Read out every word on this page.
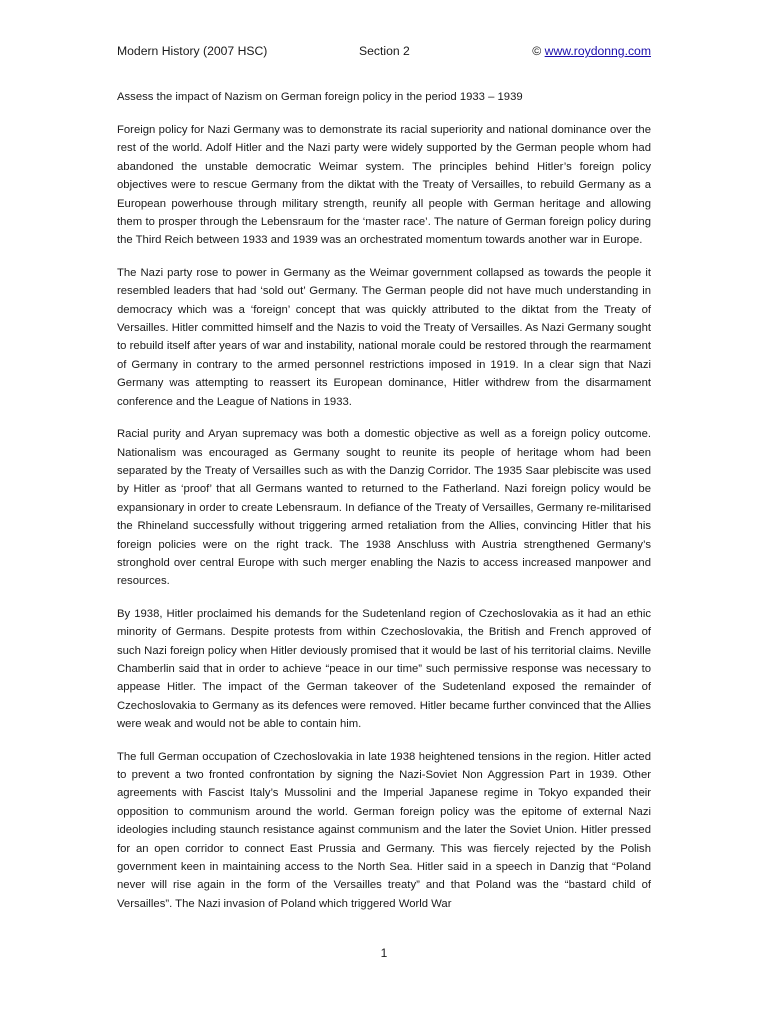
Modern History (2007 HSC)	Section 2	© www.roydonng.com
Assess the impact of Nazism on German foreign policy in the period 1933 – 1939

Foreign policy for Nazi Germany was to demonstrate its racial superiority and national dominance over the rest of the world. Adolf Hitler and the Nazi party were widely supported by the German people whom had abandoned the unstable democratic Weimar system. The principles behind Hitler’s foreign policy objectives were to rescue Germany from the diktat with the Treaty of Versailles, to rebuild Germany as a European powerhouse through military strength, reunify all people with German heritage and allowing them to prosper through the Lebensraum for the ‘master race’. The nature of German foreign policy during the Third Reich between 1933 and 1939 was an orchestrated momentum towards another war in Europe.

The Nazi party rose to power in Germany as the Weimar government collapsed as towards the people it resembled leaders that had ‘sold out’ Germany. The German people did not have much understanding in democracy which was a ‘foreign’ concept that was quickly attributed to the diktat from the Treaty of Versailles. Hitler committed himself and the Nazis to void the Treaty of Versailles. As Nazi Germany sought to rebuild itself after years of war and instability, national morale could be restored through the rearmament of Germany in contrary to the armed personnel restrictions imposed in 1919. In a clear sign that Nazi Germany was attempting to reassert its European dominance, Hitler withdrew from the disarmament conference and the League of Nations in 1933.

Racial purity and Aryan supremacy was both a domestic objective as well as a foreign policy outcome. Nationalism was encouraged as Germany sought to reunite its people of heritage whom had been separated by the Treaty of Versailles such as with the Danzig Corridor. The 1935 Saar plebiscite was used by Hitler as ‘proof’ that all Germans wanted to returned to the Fatherland. Nazi foreign policy would be expansionary in order to create Lebensraum. In defiance of the Treaty of Versailles, Germany re-militarised the Rhineland successfully without triggering armed retaliation from the Allies, convincing Hitler that his foreign policies were on the right track. The 1938 Anschluss with Austria strengthened Germany’s stronghold over central Europe with such merger enabling the Nazis to access increased manpower and resources.

By 1938, Hitler proclaimed his demands for the Sudetenland region of Czechoslovakia as it had an ethic minority of Germans. Despite protests from within Czechoslovakia, the British and French approved of such Nazi foreign policy when Hitler deviously promised that it would be last of his territorial claims. Neville Chamberlin said that in order to achieve “peace in our time” such permissive response was necessary to appease Hitler. The impact of the German takeover of the Sudetenland exposed the remainder of Czechoslovakia to Germany as its defences were removed. Hitler became further convinced that the Allies were weak and would not be able to contain him.

The full German occupation of Czechoslovakia in late 1938 heightened tensions in the region. Hitler acted to prevent a two fronted confrontation by signing the Nazi-Soviet Non Aggression Part in 1939. Other agreements with Fascist Italy’s Mussolini and the Imperial Japanese regime in Tokyo expanded their opposition to communism around the world. German foreign policy was the epitome of external Nazi ideologies including staunch resistance against communism and the later the Soviet Union. Hitler pressed for an open corridor to connect East Prussia and Germany. This was fiercely rejected by the Polish government keen in maintaining access to the North Sea. Hitler said in a speech in Danzig that “Poland never will rise again in the form of the Versailles treaty” and that Poland was the “bastard child of Versailles”. The Nazi invasion of Poland which triggered World War

1
